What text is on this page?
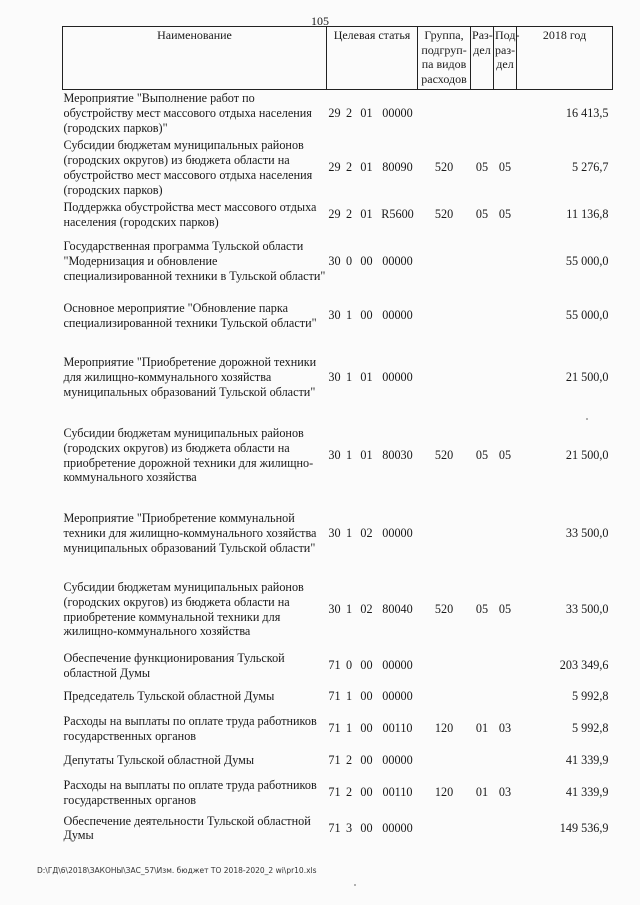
105
Наименование	Целевая статья				Группа, подгруп-па видов расходов	Раз-дел	Под-раз-дел	2018 год
Мероприятие "Выполнение работ по обустройству мест массового отдыха населения (городских парков)"	29	2	01	00000				16 413,5
Субсидии бюджетам муниципальных районов (городских округов) из бюджета области на обустройство мест массового отдыха населения (городских парков)	29	2	01	80090	520	05	05	5 276,7
Поддержка обустройства мест массового отдыха населения (городских парков)	29	2	01	R5600	520	05	05	11 136,8
Государственная программа Тульской области "Модернизация и обновление специализированной техники в Тульской области"	30	0	00	00000				55 000,0
Основное мероприятие "Обновление парка специализированной техники Тульской области"	30	1	00	00000				55 000,0
Мероприятие "Приобретение дорожной техники для жилищно-коммунального хозяйства муниципальных образований Тульской области"	30	1	01	00000				21 500,0
Субсидии бюджетам муниципальных районов (городских округов) из бюджета области на приобретение дорожной техники для жилищно-коммунального хозяйства	30	1	01	80030	520	05	05	21 500,0
Мероприятие "Приобретение коммунальной техники для жилищно-коммунального хозяйства муниципальных образований Тульской области"	30	1	02	00000				33 500,0
Субсидии бюджетам муниципальных районов (городских округов) из бюджета области на приобретение коммунальной техники для жилищно-коммунального хозяйства	30	1	02	80040	520	05	05	33 500,0
Обеспечение функционирования Тульской областной Думы	71	0	00	00000				203 349,6
Председатель Тульской областной Думы	71	1	00	00000				5 992,8
Расходы на выплаты по оплате труда работников государственных органов	71	1	00	00110	120	01	03	5 992,8
Депутаты Тульской областной Думы	71	2	00	00000				41 339,9
Расходы на выплаты по оплате труда работников государственных органов	71	2	00	00110	120	01	03	41 339,9
Обеспечение деятельности Тульской областной Думы	71	3	00	00000				149 536,9
D:\ГД\6\2018\ЗАКОНЫ\ЗАС_57\Изм. бюджет ТО 2018-2020_2 wi\pr10.xls
